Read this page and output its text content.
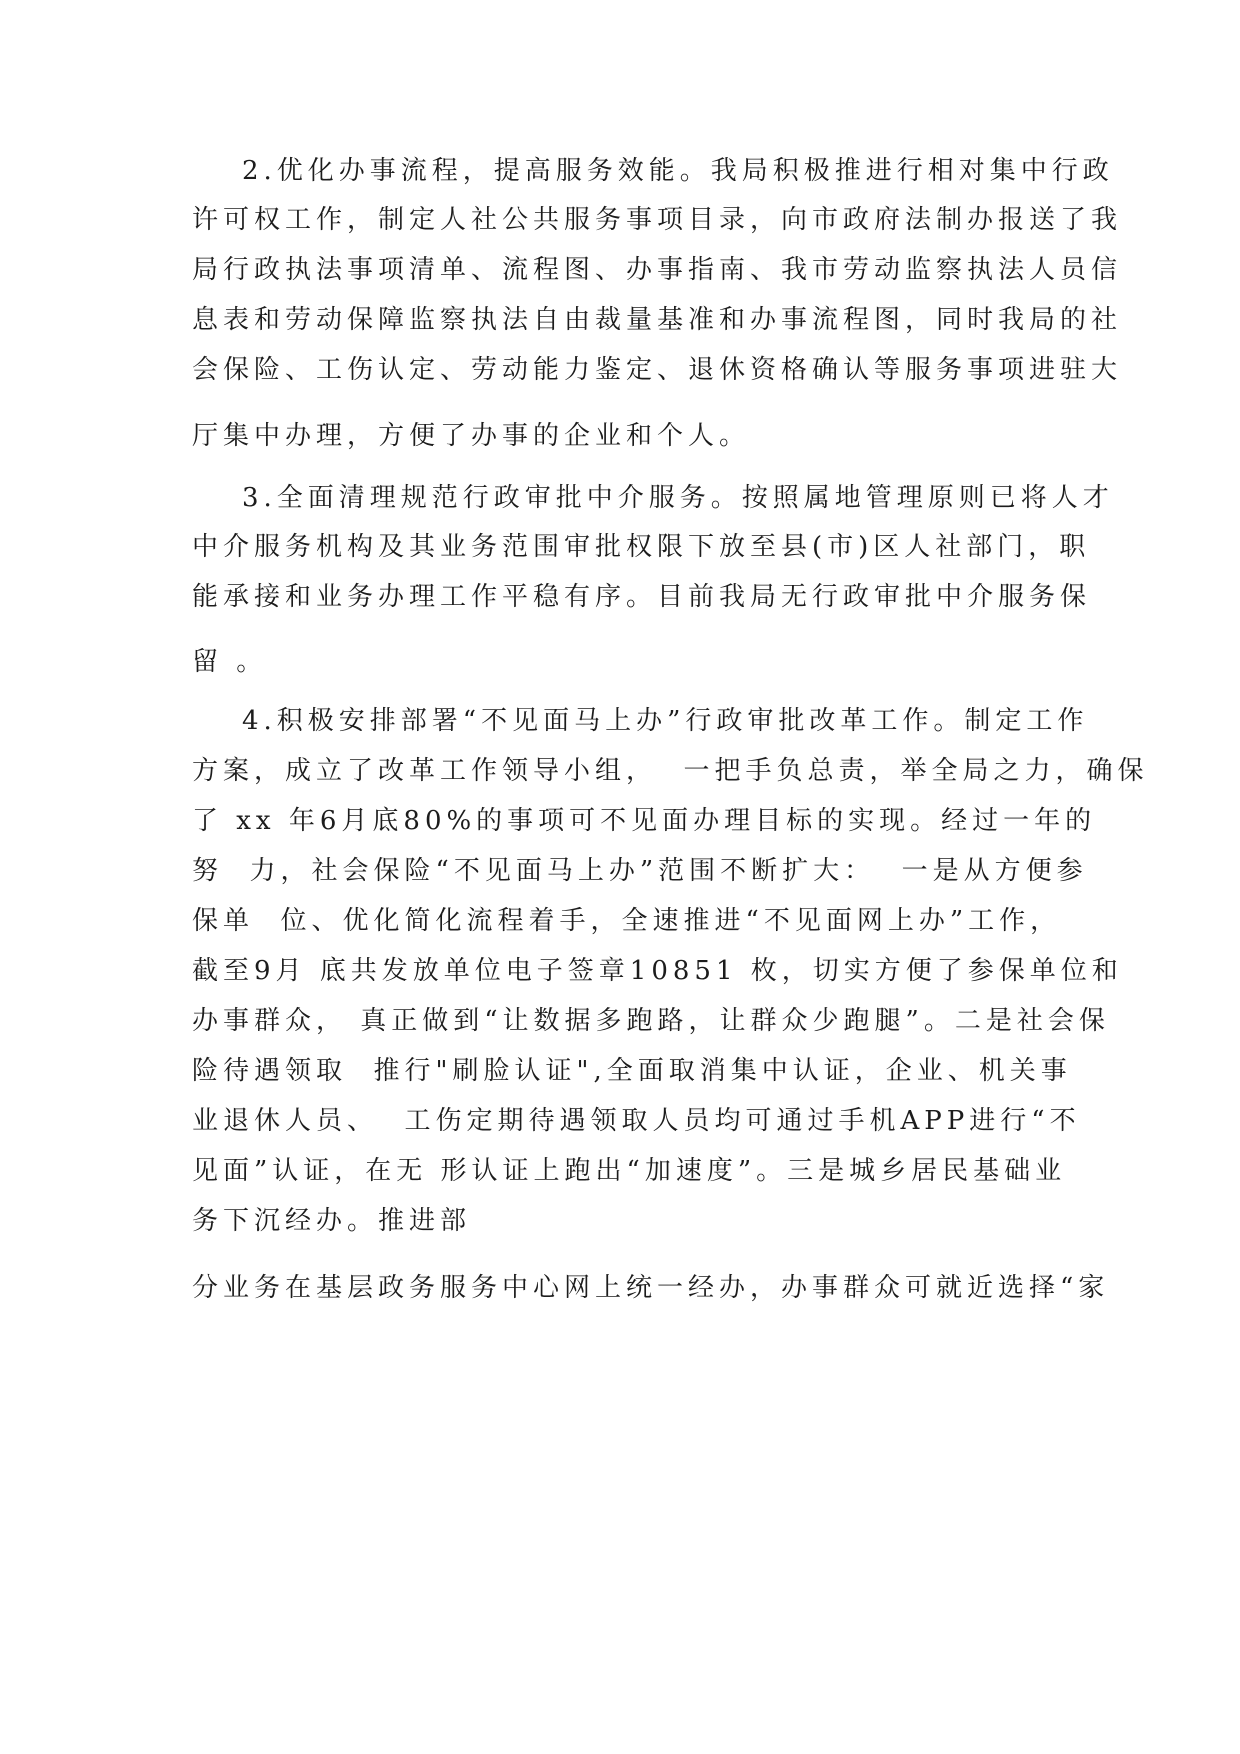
2.优化办事流程，提高服务效能。我局积极推进行相对集中行政
许可权工作，制定人社公共服务事项目录，向市政府法制办报送了我
局行政执法事项清单、流程图、办事指南、我市劳动监察执法人员信
息表和劳动保障监察执法自由裁量基准和办事流程图，同时我局的社
会保险、工伤认定、劳动能力鉴定、退休资格确认等服务事项进驻大
厅集中办理，方便了办事的企业和个人。
3.全面清理规范行政审批中介服务。按照属地管理原则已将人才
中介服务机构及其业务范围审批权限下放至县(市)区人社部门，职
能承接和业务办理工作平稳有序。目前我局无行政审批中介服务保
留 。
4.积极安排部署“不见面马上办”行政审批改革工作。制定工作
方案，成立了改革工作领导小组，  一把手负总责，举全局之力，确保
了 xx 年6月底80%的事项可不见面办理目标的实现。经过一年的
努  力，社会保险“不见面马上办”范围不断扩大：  一是从方便参
保单  位、优化简化流程着手，全速推进“不见面网上办”工作，
截至9月 底共发放单位电子签章10851 枚，切实方便了参保单位和
办事群众， 真正做到“让数据多跑路，让群众少跑腿”。二是社会保
险待遇领取  推行"刷脸认证",全面取消集中认证，企业、机关事
业退休人员、  工伤定期待遇领取人员均可通过手机APP进行“不
见面”认证，在无 形认证上跑出“加速度”。三是城乡居民基础业
务下沉经办。推进部
分业务在基层政务服务中心网上统一经办，办事群众可就近选择“家
